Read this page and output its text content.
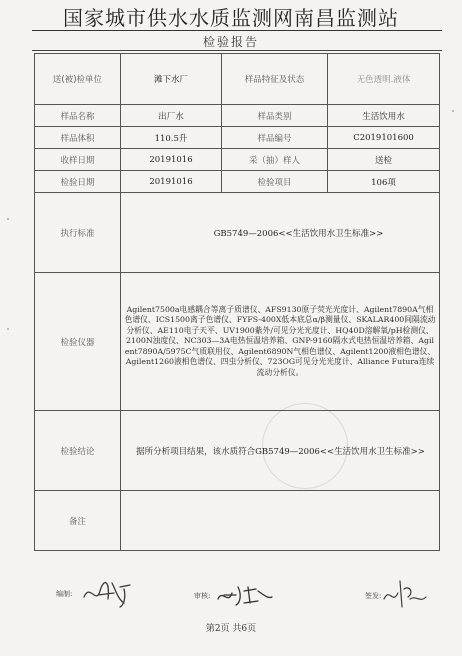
国家城市供水水质监测网南昌监测站
检验报告
送(被)检单位	滩下水厂	样品特征及状态	无色透明.液体
样品名称	出厂水	样品类别	生活饮用水
样品体积	110.5升	样品编号	C2019101600
收样日期	20191016	采（抽）样人	送检
检验日期	20191016	检验项目	106项
执行标准	GB5749—2006<<生活饮用水卫生标准>>		
检验仪器	Agilent7500a电感耦合等离子质谱仪、AFS9130原子荧光光度计、Agilent7890A气相色谱仪、ICS1500离子色谱仪、FYFS-400X低本底总α/β测量仪、SKALAR400间隔流动分析仪、AE110电子天平、UV1900紫外/可见分光光度计、HQ40D溶解氧/pH检测仪、2100N浊度仪、NC303—3A电热恒温培养箱、GNP-9160隔水式电热恒温培养箱、Agilent7890A/5975C气质联用仪、Agilent6890N气相色谱仪、Agilent1200液相色谱仪、Agilent1260液相色谱仪、四虫分析仪、723OG可见分光光度计、Alliance Futura连续流动分析仪。		
检验结论	据所分析项目结果，该水质符合GB5749—2006<<生活饮用水卫生标准>>		
备注			
编制:	审核:	签发:
第2页 共6页
